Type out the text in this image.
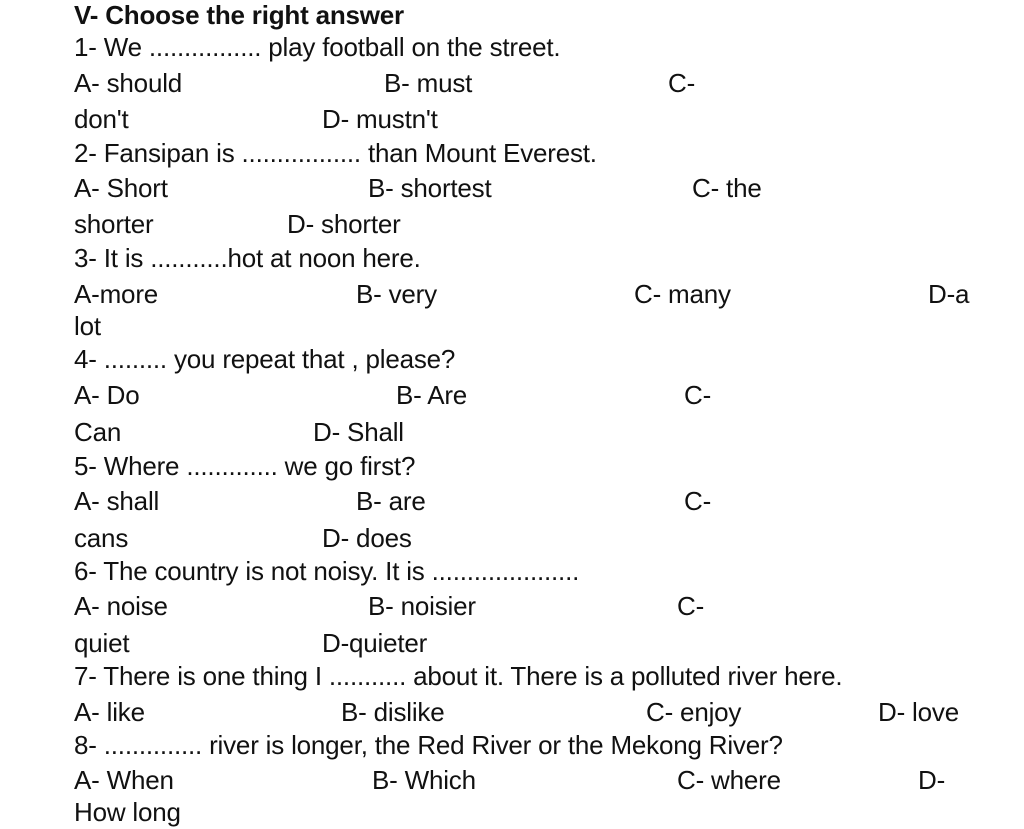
V- Choose the right answer
1- We ................ play football on the street.
A- should	B- must	C-
don't	D- mustn't
2- Fansipan is ................. than Mount Everest.
A- Short	B- shortest	C- the
shorter	D- shorter
3- It is ...........hot at noon here.
A-more	B- very	C- many	D-a
lot
4- ......... you repeat that , please?
A- Do	B- Are	C-
Can	D- Shall
5- Where ............. we go first?
A- shall	B- are	C-
cans	D- does
6- The country is not noisy. It is .....................
A- noise	B- noisier	C-
quiet	D-quieter
7- There is one thing I ........... about it. There is a polluted river here.
A- like	B- dislike	C- enjoy	D- love
8- .............. river is longer, the Red River or the Mekong River?
A- When	B- Which	C- where	D-
How long
